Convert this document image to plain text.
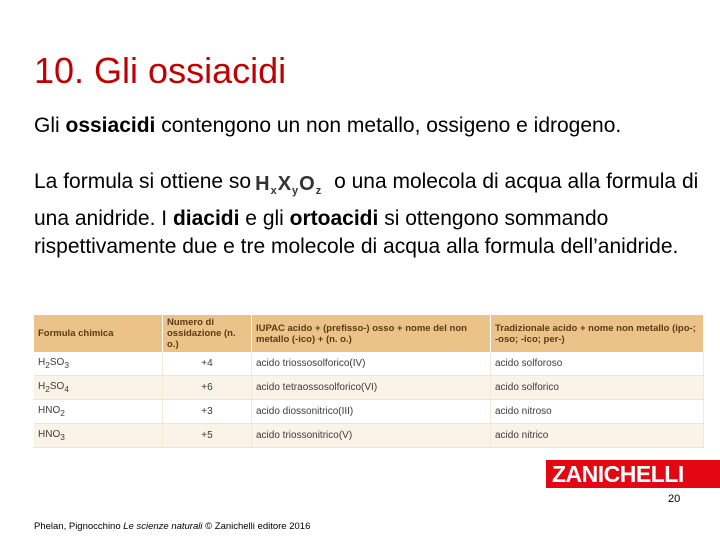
10. Gli ossiacidi
Gli ossiacidi contengono un non metallo, ossigeno e idrogeno.
La formula si ottiene so $H_xX_yO_z$ o una molecola di acqua alla formula di una anidride. I diacidi e gli ortoacidi si ottengono sommando rispettivamente due e tre molecole di acqua alla formula dell’anidride.
Formula chimica	Numero di ossidazione (n. o.)	IUPAC acido + (prefisso-) osso + nome del non metallo (-ico) + (n. o.)	Tradizionale acido + nome non metallo (ipo-; -oso; -ico; per-)
$H_2SO_3$	+4	acido triossosolforico(IV)	acido solforoso
$H_2SO_4$	+6	acido tetraossosolforico(VI)	acido solforico
$HNO_2$	+3	acido diossonitrico(III)	acido nitroso
$HNO_3$	+5	acido triossonitrico(V)	acido nitrico
ZANICHELLI
20
Phelan, Pignocchino Le scienze naturali © Zanichelli editore 2016
